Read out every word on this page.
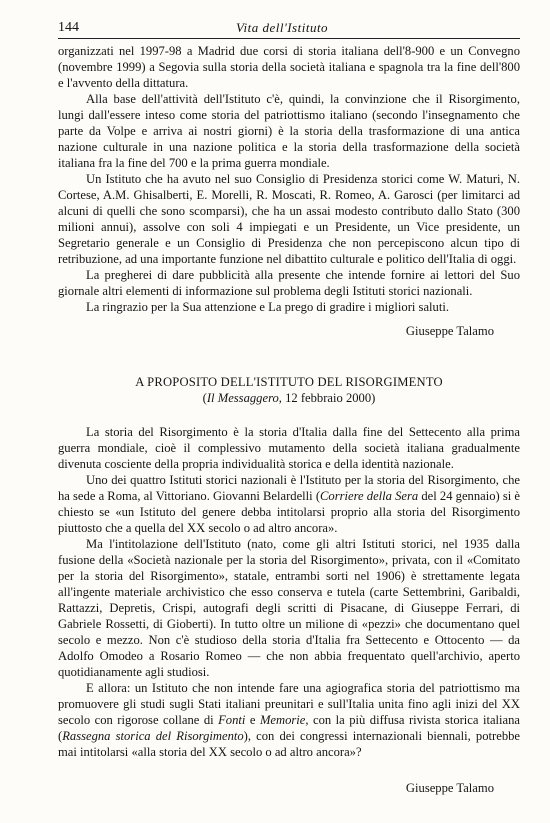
144	Vita dell'Istituto

organizzati nel 1997-98 a Madrid due corsi di storia italiana dell'8-900 e un Convegno (novembre 1999) a Segovia sulla storia della società italiana e spagnola tra la fine dell'800 e l'avvento della dittatura.

Alla base dell'attività dell'Istituto c'è, quindi, la convinzione che il Risorgimento, lungi dall'essere inteso come storia del patriottismo italiano (secondo l'insegnamento che parte da Volpe e arriva ai nostri giorni) è la storia della trasformazione di una antica nazione culturale in una nazione politica e la storia della trasformazione della società italiana fra la fine del 700 e la prima guerra mondiale.

Un Istituto che ha avuto nel suo Consiglio di Presidenza storici come W. Maturi, N. Cortese, A.M. Ghisalberti, E. Morelli, R. Moscati, R. Romeo, A. Garosci (per limitarci ad alcuni di quelli che sono scomparsi), che ha un assai modesto contributo dallo Stato (300 milioni annui), assolve con soli 4 impiegati e un Presidente, un Vice presidente, un Segretario generale e un Consiglio di Presidenza che non percepiscono alcun tipo di retribuzione, ad una importante funzione nel dibattito culturale e politico dell'Italia di oggi.

La pregherei di dare pubblicità alla presente che intende fornire ai lettori del Suo giornale altri elementi di informazione sul problema degli Istituti storici nazionali.

La ringrazio per la Sua attenzione e La prego di gradire i migliori saluti.

Giuseppe Talamo
A PROPOSITO DELL'ISTITUTO DEL RISORGIMENTO
(Il Messaggero, 12 febbraio 2000)

La storia del Risorgimento è la storia d'Italia dalla fine del Settecento alla prima guerra mondiale, cioè il complessivo mutamento della società italiana gradualmente divenuta cosciente della propria individualità storica e della identità nazionale.

Uno dei quattro Istituti storici nazionali è l'Istituto per la storia del Risorgimento, che ha sede a Roma, al Vittoriano. Giovanni Belardelli (Corriere della Sera del 24 gennaio) si è chiesto se «un Istituto del genere debba intitolarsi proprio alla storia del Risorgimento piuttosto che a quella del XX secolo o ad altro ancora».

Ma l'intitolazione dell'Istituto (nato, come gli altri Istituti storici, nel 1935 dalla fusione della «Società nazionale per la storia del Risorgimento», privata, con il «Comitato per la storia del Risorgimento», statale, entrambi sorti nel 1906) è strettamente legata all'ingente materiale archivistico che esso conserva e tutela (carte Settembrini, Garibaldi, Rattazzi, Depretis, Crispi, autografi degli scritti di Pisacane, di Giuseppe Ferrari, di Gabriele Rossetti, di Gioberti). In tutto oltre un milione di «pezzi» che documentano quel secolo e mezzo. Non c'è studioso della storia d'Italia fra Settecento e Ottocento — da Adolfo Omodeo a Rosario Romeo — che non abbia frequentato quell'archivio, aperto quotidianamente agli studiosi.

E allora: un Istituto che non intende fare una agiografica storia del patriottismo ma promuovere gli studi sugli Stati italiani preunitari e sull'Italia unita fino agli inizi del XX secolo con rigorose collane di Fonti e Memorie, con la più diffusa rivista storica italiana (Rassegna storica del Risorgimento), con dei congressi internazionali biennali, potrebbe mai intitolarsi «alla storia del XX secolo o ad altro ancora»?

Giuseppe Talamo
